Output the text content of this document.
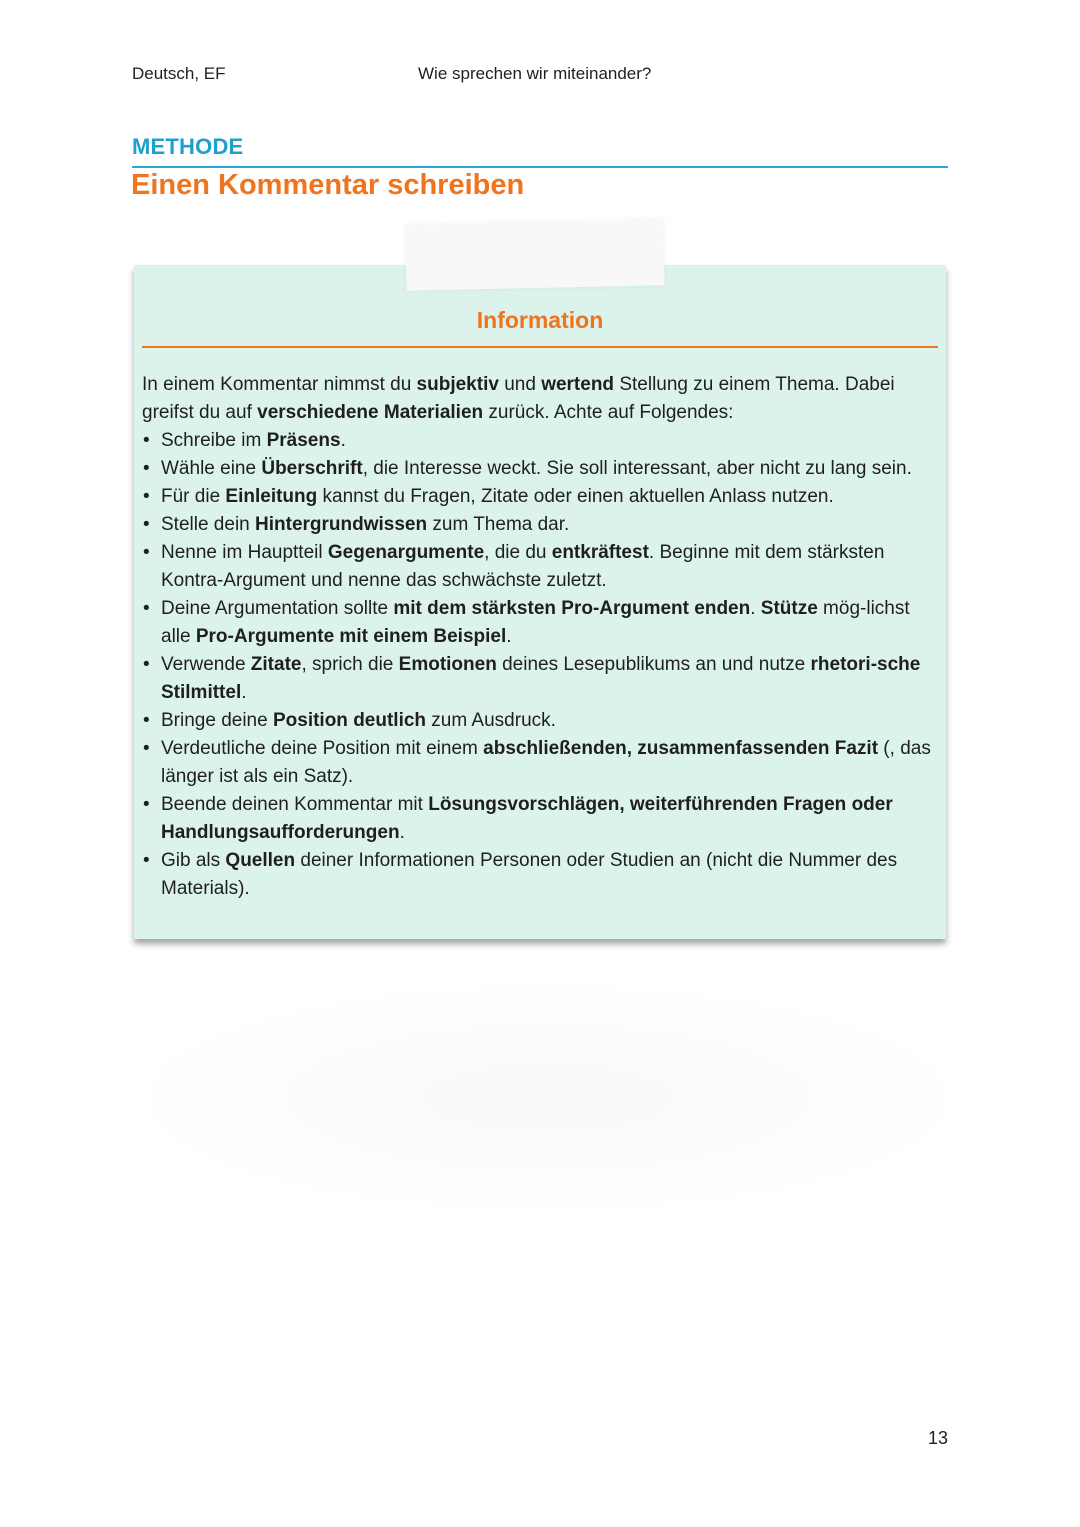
Deutsch, EF	Wie sprechen wir miteinander?
METHODE
Einen Kommentar schreiben
Information

In einem Kommentar nimmst du subjektiv und wertend Stellung zu einem Thema. Dabei greifst du auf verschiedene Materialien zurück. Achte auf Folgendes:

• Schreibe im Präsens.
• Wähle eine Überschrift, die Interesse weckt. Sie soll interessant, aber nicht zu lang sein.
• Für die Einleitung kannst du Fragen, Zitate oder einen aktuellen Anlass nutzen.
• Stelle dein Hintergrundwissen zum Thema dar.
• Nenne im Hauptteil Gegenargumente, die du entkräftest. Beginne mit dem stärksten Kontra-Argument und nenne das schwächste zuletzt.
• Deine Argumentation sollte mit dem stärksten Pro-Argument enden. Stütze mög-lichst alle Pro-Argumente mit einem Beispiel.
• Verwende Zitate, sprich die Emotionen deines Lesepublikums an und nutze rhetori-sche Stilmittel.
• Bringe deine Position deutlich zum Ausdruck.
• Verdeutliche deine Position mit einem abschließenden, zusammenfassenden Fazit (, das länger ist als ein Satz).
• Beende deinen Kommentar mit Lösungsvorschlägen, weiterführenden Fragen oder Handlungsaufforderungen.
• Gib als Quellen deiner Informationen Personen oder Studien an (nicht die Nummer des Materials).
13
